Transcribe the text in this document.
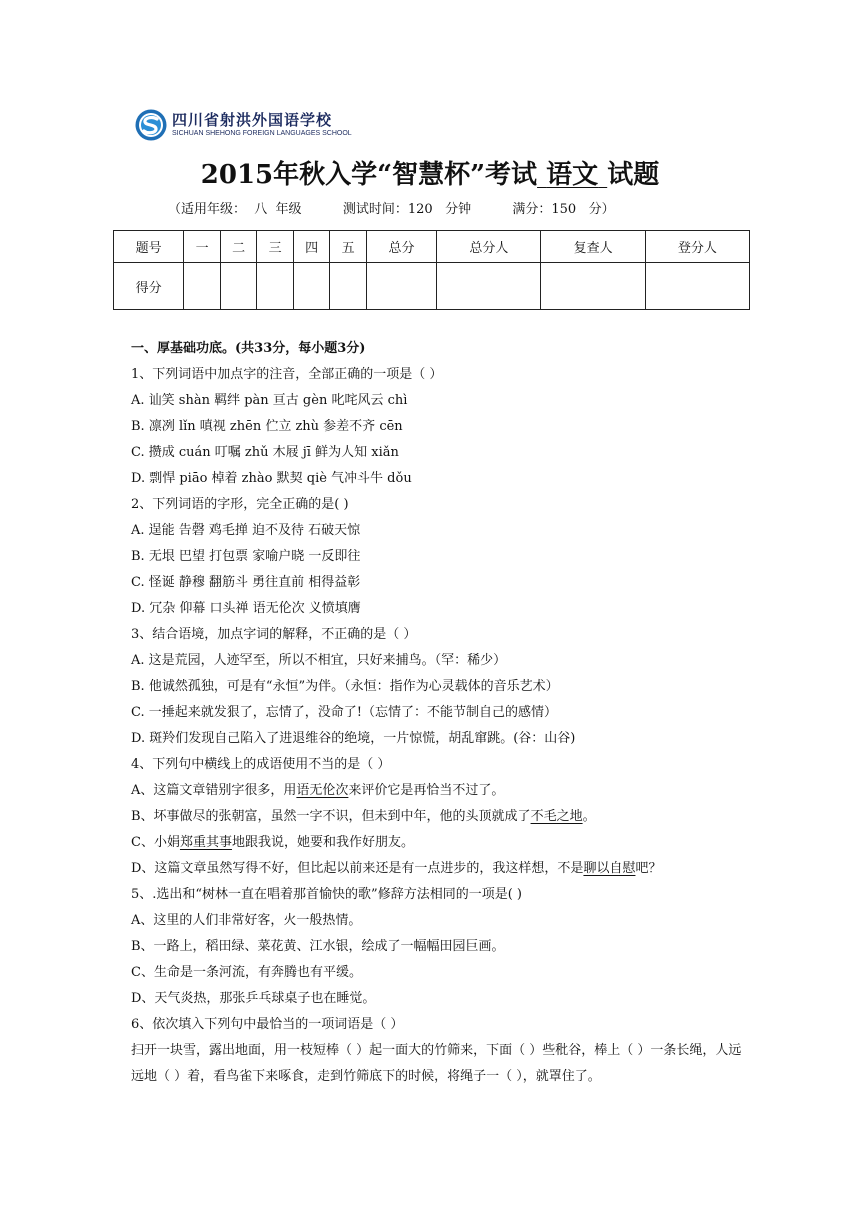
四川省射洪外国语学校
SICHUAN SHEHONG FOREIGN LANGUAGES SCHOOL
2015年秋入学“智慧杯”考试 语文 试题
（适用年级：  八  年级          测试时间：120   分钟          满分：150   分）
题号	一	二	三	四	五	总分	总分人	复查人	登分人
得分									
一、厚基础功底。(共33分，每小题3分)
1、下列词语中加点字的注音，全部正确的一项是（ ）
A. 讪笑 shàn 羁绊 pàn 亘古 gèn 叱咤风云 chì
B. 凛冽 lǐn 嗔视 zhēn 伫立 zhù 参差不齐 cēn
C. 攒成 cuán 叮嘱 zhǔ 木屐 jī 鲜为人知 xiǎn
D. 剽悍 piāo 棹着 zhào 默契 qiè 气冲斗牛 dǒu
2、下列词语的字形，完全正确的是( )
A. 逞能 告磬 鸡毛掸 迫不及待 石破天惊
B. 无垠 巴望 打包票 家喻户晓 一反即往
C. 怪诞 静穆 翻筋斗 勇往直前 相得益彰
D. 冗杂 仰幕 口头禅 语无伦次 义愤填膺
3、结合语境，加点字词的解释，不正确的是（ ）
A. 这是荒园，人迹罕至，所以不相宜，只好来捕鸟。（罕：稀少）
B. 他诚然孤独，可是有“永恒”为伴。（永恒：指作为心灵载体的音乐艺术）
C. 一捶起来就发狠了，忘情了，没命了!（忘情了：不能节制自己的感情）
D. 斑羚们发现自己陷入了进退维谷的绝境，一片惊慌，胡乱窜跳。(谷：山谷)
4、下列句中横线上的成语使用不当的是（ ）
A、这篇文章错别字很多，用语无伦次来评价它是再恰当不过了。
B、坏事做尽的张朝富，虽然一字不识，但未到中年，他的头顶就成了不毛之地。
C、小娟郑重其事地跟我说，她要和我作好朋友。
D、这篇文章虽然写得不好，但比起以前来还是有一点进步的，我这样想，不是聊以自慰吧？
5、.选出和“树林一直在唱着那首愉快的歌”修辞方法相同的一项是( )
A、这里的人们非常好客，火一般热情。
B、一路上，稻田绿、菜花黄、江水银，绘成了一幅幅田园巨画。
C、生命是一条河流，有奔腾也有平缓。
D、天气炎热，那张乒乓球桌子也在睡觉。
6、依次填入下列句中最恰当的一项词语是（ ）
扫开一块雪，露出地面，用一枝短棒（ ）起一面大的竹筛来，下面（ ）些秕谷，棒上（ ）一条长绳，人远远地（ ）着，看鸟雀下来啄食，走到竹筛底下的时候，将绳子一（ ），就罩住了。
